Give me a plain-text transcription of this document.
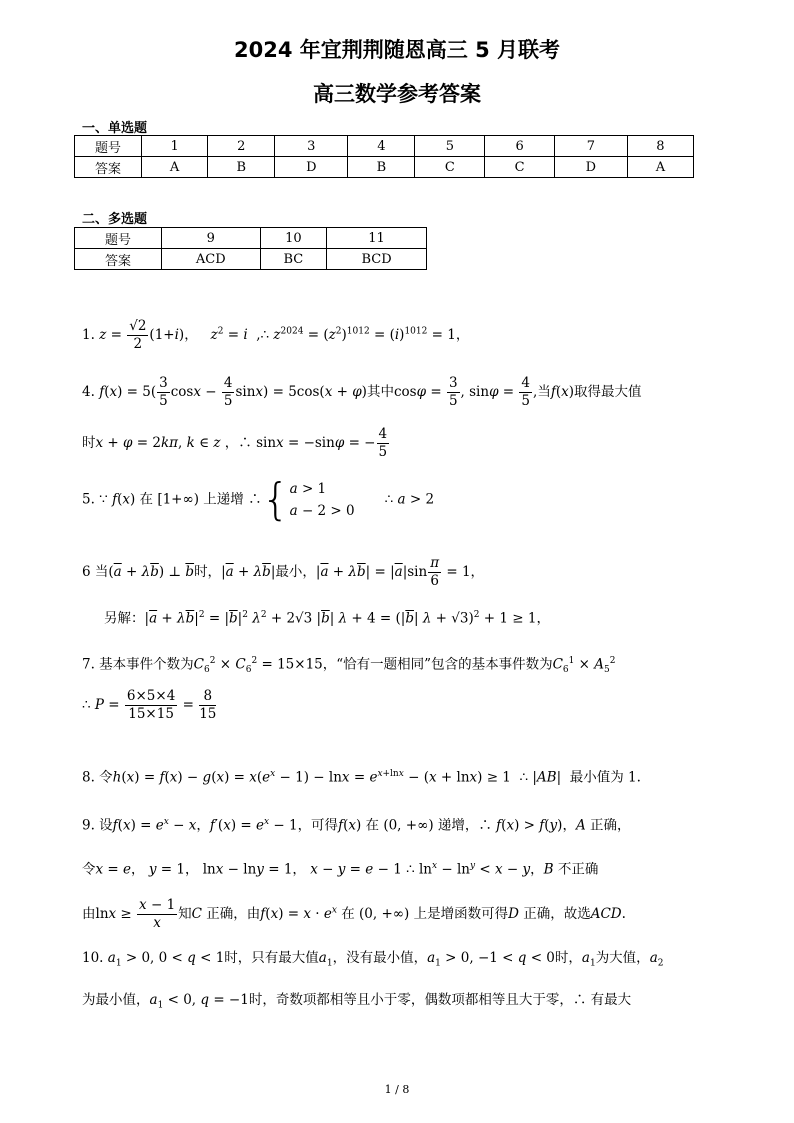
2024 年宜荆荆随恩高三 5 月联考
高三数学参考答案
一、单选题
题号	1	2	3	4	5	6	7	8
答案	A	B	D	B	C	C	D	A
二、多选题
题号	9	10	11
答案	ACD	BC	BCD
1. $z = \frac{√2}{2} (1+i)$，   $z^2 = i$  ,∴ $z^{2024} = (z^2)^{1012} = (i)^{1012} = 1$，
4. $f(x) = 5( \frac{3}{5}$ $\cos x - \frac{4}{5} \sin x) = 5\cos(x + \varphi)$其中$\cos\varphi = \frac{3}{5}$ , $\sin\varphi = \frac{4}{5}$ ,当f(x)取得最大值
时x + φ = 2kπ, k ∈ z ，∴ sinx = −sinφ = − $\frac{4}{5}$
5. ∵ f(x) 在 [1+∞) 上递增 ∴{a > 1
a − 2 > 0       ∴ a > 2
6 当$(\overline{a} + \lambda\overline{b})$ ⊥ $\overline{b}$时，$|\overline{a} + \lambda\overline{b}|$最小，$|\overline{a} + \lambda\overline{b}| = |\overline{a}|\sin \frac{\pi}{6} = 1$，
另解：$|\overline{a} + \lambda\overline{b}|^2 = |\overline{b}|^2$ $\lambda^2 + 2√3$ $|\overline{b}|$ $\lambda + 4 = (|\overline{b}|$ λ + √3)$^2$ + 1 ≥ 1，
7. 基本事件个数为$C_6^2 \times C_6^2 = 15\times 15$，“恰有一题相同”包含的基本事件数为$C_6^1 \times A_5^2$
∴ $P = \frac{6\times 5\times 4}{15\times 15} = \frac{8}{15}$
8. 令$h(x) = f(x) - g(x) = x(e^x - 1) - \ln x = e^{x+lnx} - (x + \ln x) \ge 1$  ∴ |AB|  最小值为 1.
9. 设$f(x) = e^x - x$，$f'(x) = e^x - 1$，可得f(x) 在 (0, +∞) 递增，∴ f(x) > f(y)，A 正确，
令x = e， y = 1， lnx − lny = 1， x − y = e − 1 ∴ $\ln^x - \ln^y < x - y$，B 不正确
由$\ln x \ge \frac{x - 1}{x}$ 知C 正确，由$f(x) = x \cdot e^x$ 在 (0, +∞) 上是增函数可得D 正确，故选ACD.
10. $a_1 > 0$, 0 < q < 1时，只有最大值$a_1$，没有最小值，$a_1 > 0$, −1 < q < 0时，$a_1$为大值，$a_2$
为最小值，$a_1 < 0$, q = −1时，奇数项都相等且小于零，偶数项都相等且大于零，∴ 有最大
1 / 8
